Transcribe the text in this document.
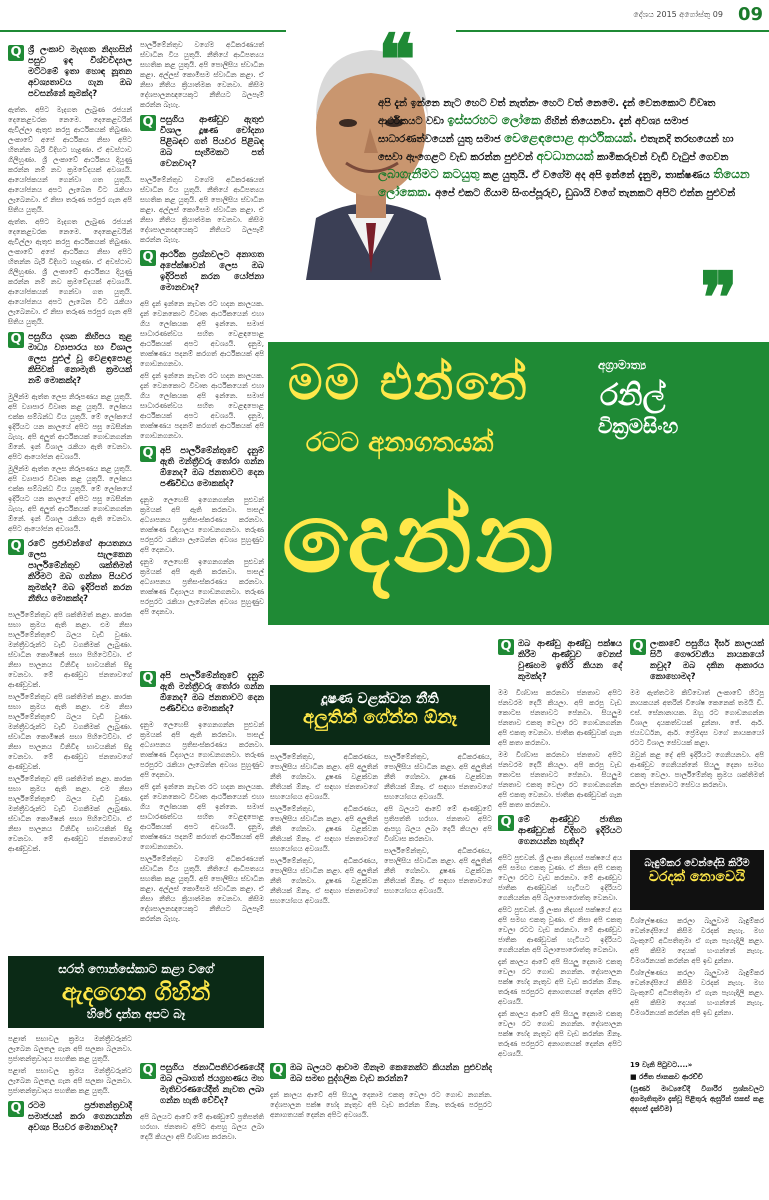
දේශය 2015 අගෝස්තු 09 09
Q ශ්‍රී ලංකාව මැදගත නිදහසින් පසුව ඉඳ විශ්වවිද්‍යාල මට්ටමේ ඉතා හොඳ නූතන අවශ්‍යතාවය ගැන ඔබ පවසන්නේ කුමක්ද?

ඇත්ත. අපිට මැදගත ලැබුණ රජයන් දෙකෙළවරක නෙමෙ. දෙකෙළවරින් ඇවිල්ලා ඇතුළු කරපු ආර්ථිකයක් තිබුණා. ලංකාවේ අපේ ආර්ථිකය නිසා අපිට හිතන්න බැරි විදිහට හැදුණා. ඒ අවස්ථාව ගිලිහුණා. ශ්‍රී ලංකාවේ ආර්ථිකය දියුණු කරන්න නම් නව ක්‍රමවේදයක් අවශ්‍යයි. ආයෝජකයන් ගෙන්වා ගත යුතුයි. ආයෝජනය අපට ලැබෙන විට රැකියා ලැබෙනවා. ඒ නිසා තරුණ පරපුර ගැන අපි සිතිය යුතුයි.

ඇත්ත. අපිට මැදගත ලැබුණ රජයන් දෙකෙළවරක නෙමෙ. දෙකෙළවරින් ඇවිල්ලා ඇතුළු කරපු ආර්ථිකයක් තිබුණා. ලංකාවේ අපේ ආර්ථිකය නිසා අපිට හිතන්න බැරි විදිහට හැදුණා. ඒ අවස්ථාව ගිලිහුණා. ශ්‍රී ලංකාවේ ආර්ථිකය දියුණු කරන්න නම් නව ක්‍රමවේදයක් අවශ්‍යයි. ආයෝජකයන් ගෙන්වා ගත යුතුයි. ආයෝජනය අපට ලැබෙන විට රැකියා ලැබෙනවා. ඒ නිසා තරුණ පරපුර ගැන අපි සිතිය යුතුයි.

Q පසුගිය දශක කිහිපය තුළ මාධ්‍ය ව්‍යාපාරය හා විශාල ලෙස පුළුල් වූ වෙළඳපොළ කිසිවක් නොමැති ක්‍රමයක් නම් මොකක්ද?

මුලින්ම ඇත්ත ලෙස නිරූපණය කළ යුතුයි. අපි ව්‍යාපාර විවෘත කළ යුතුයි. ලෝකය එක්ක සම්බන්ධ විය යුතුයි. මේ ලෝකයේ ඉදිරියට යන කාලයේ අපිට පසු බෙසින්න බැහැ. අපි අලුත් ආර්ථිකයක් ගොඩනගන්න ඕනේ. ඉන් විශාල රැකියා ඇති වෙනවා. අපිට ආයෝජන අවශ්‍යයි.

මුලින්ම ඇත්ත ලෙස නිරූපණය කළ යුතුයි. අපි ව්‍යාපාර විවෘත කළ යුතුයි. ලෝකය එක්ක සම්බන්ධ විය යුතුයි. මේ ලෝකයේ ඉදිරියට යන කාලයේ අපිට පසු බෙසින්න බැහැ. අපි අලුත් ආර්ථිකයක් ගොඩනගන්න ඕනේ. ඉන් විශාල රැකියා ඇති වෙනවා. අපිට ආයෝජන අවශ්‍යයි.

Q රටේ ප්‍රජාවන්ගේ ආයතනය ලෙස සැලකෙන පාර්ලිමේන්තුව ශක්තිමත් කිරීමට ඔබ ගන්නා පියවර කුමක්ද? ඔබ ඉදිරිපත් කරන නීතිය මොකක්ද?

පාර්ලිමේන්තුව අපි ශක්තිමත් කළා. කාරක සභා ක්‍රමය ඇති කළා. එම නිසා පාර්ලිමේන්තුවේ බලය වැඩි වුණා. මන්ත්‍රීවරුන්ට වැඩි වගකීමක් ලැබුණා. ස්වාධීන කොමිෂන් සභා පිහිටෙව්වා. ඒ නිසා පාලනය විනිවිද භාවයකින් සිදු වෙනවා. මේ ආණ්ඩුව ජනතාවගේ ආණ්ඩුවක්.

පාර්ලිමේන්තුව අපි ශක්තිමත් කළා. කාරක සභා ක්‍රමය ඇති කළා. එම නිසා පාර්ලිමේන්තුවේ බලය වැඩි වුණා. මන්ත්‍රීවරුන්ට වැඩි වගකීමක් ලැබුණා. ස්වාධීන කොමිෂන් සභා පිහිටෙව්වා. ඒ නිසා පාලනය විනිවිද භාවයකින් සිදු වෙනවා. මේ ආණ්ඩුව ජනතාවගේ ආණ්ඩුවක්.

පාර්ලිමේන්තුව අපි ශක්තිමත් කළා. කාරක සභා ක්‍රමය ඇති කළා. එම නිසා පාර්ලිමේන්තුවේ බලය වැඩි වුණා. මන්ත්‍රීවරුන්ට වැඩි වගකීමක් ලැබුණා. ස්වාධීන කොමිෂන් සභා පිහිටෙව්වා. ඒ නිසා පාලනය විනිවිද භාවයකින් සිදු වෙනවා. මේ ආණ්ඩුව ජනතාවගේ ආණ්ඩුවක්.

පාර්ලිමේන්තුව වගේම අධිකරණයත් ස්වාධීන විය යුතුයි. නීතියේ ආධිපත්‍යය සහතික කළ යුතුයි. අපි පොලිසිය ස්වාධීන කළා. අල්ලස් කොමිසම ස්වාධීන කළා. ඒ නිසා නීතිය ක්‍රියාත්මක වෙනවා. කිසිම දේශපාලනඥයෙකුට නීතියට බලපෑම් කරන්න බැහැ.

Q පසුගිය ආණ්ඩුව ඇතුළු විශාල දූෂණ චෝදනා පිළිබඳව ගත් පියවර පිළිබඳ ඔබ සෑහීමකට පත් වෙනවාද?

පාර්ලිමේන්තුව වගේම අධිකරණයත් ස්වාධීන විය යුතුයි. නීතියේ ආධිපත්‍යය සහතික කළ යුතුයි. අපි පොලිසිය ස්වාධීන කළා. අල්ලස් කොමිසම ස්වාධීන කළා. ඒ නිසා නීතිය ක්‍රියාත්මක වෙනවා. කිසිම දේශපාලනඥයෙකුට නීතියට බලපෑම් කරන්න බැහැ.

Q ආර්ථික ප්‍රශ්නවලට අනාගත අපේක්ෂාවන් ලෙස ඔබ ඉදිරිපත් කරන යෝජනා මොනවාද?

අපි දැන් ඉන්නෙ නැවත රට හදන කාලයක. දැන් වෙනකොට විවෘත ආර්ථිකයෙන් එහා ගිය ලෝකයක අපි ඉන්නෙ. සමාජ සාධාරණත්වය සහිත වෙළඳපොළ ආර්ථිකයක් අපට අවශ්‍යයි. දැනුම, තාක්ෂණය පදනම් කරගත් ආර්ථිකයක් අපි ගොඩනගනවා.

අපි දැන් ඉන්නෙ නැවත රට හදන කාලයක. දැන් වෙනකොට විවෘත ආර්ථිකයෙන් එහා ගිය ලෝකයක අපි ඉන්නෙ. සමාජ සාධාරණත්වය සහිත වෙළඳපොළ ආර්ථිකයක් අපට අවශ්‍යයි. දැනුම, තාක්ෂණය පදනම් කරගත් ආර්ථිකයක් අපි ගොඩනගනවා.

Q අපි පාර්ලිමේන්තුවේ දැනුම් ඇති මන්ත්‍රීවරු තෝරා ගන්න ඕනෙද? ඔබ ජනතාවට දෙන පණිවිඩය මොකක්ද?

දැනුම ලෙහෙසි ඉගෙනගන්න පුළුවන් ක්‍රමයක් අපි ඇති කරනවා. පාසල් අධ්‍යාපනය ප්‍රතිසංස්කරණය කරනවා. තාක්ෂණ විද්‍යාලය ගොඩනගනවා. තරුණ පරපුරට රැකියා ලැබෙන්න අවශ්‍ය පුහුණුව අපි දෙනවා.

දැනුම ලෙහෙසි ඉගෙනගන්න පුළුවන් ක්‍රමයක් අපි ඇති කරනවා. පාසල් අධ්‍යාපනය ප්‍රතිසංස්කරණය කරනවා. තාක්ෂණ විද්‍යාලය ගොඩනගනවා. තරුණ පරපුරට රැකියා ලැබෙන්න අවශ්‍ය පුහුණුව අපි දෙනවා.

❝
අපි දැන් ඉන්නෙ නැට හෙට වත් නැත්නං හෙට වත් නෙමෙ. දැන් වෙනකොට විවෘත ආර්ථිකයට වඩා ඉස්සරහට ලෝකෙ ගිහින් තියෙනවා. දැන් අවශ්‍ය සමාජ සාධාරණත්වයෙන් යුතු සමාජ වෙළෙඳපොළ ආර්ථිකයක්. එතැනදි තරඟයෙන් හා සෙවා ඇංගෙළට වැඩ කරන්න පුළුවන් අවධානයක් කාමිකරුවන් වැඩි වැටුප් ගෙවන ලබාගැනීමට කටයුතු කළ යුතුයි. ඒ වගේම අද අපි ඉන්නේ දැනුම, තාක්ෂණය තියෙන ලෝකෙක. අපේ එකට ගියාම සිංගප්පූරුව, ඩුබායි වගේ තැනකට අපිට එන්න පුළුවන්
❞
මම එන්නේ
රටට අනාගතයක්
දෙන්න
අග්‍රාමාත්‍ය
රනිල්
වික්‍රමසිංහ
සරත් ෆොන්සේකාට කළා වගේ
ඇදගෙන ගිහින්
හිරේ දාන්න අපට බෑ

පළාත් සභාවල ක්‍රමය මන්ත්‍රීවරුන්ට ලැබෙන බලතල ගැන අපි සලකා බලනවා. ප්‍රජාතන්ත්‍රවාදය සහතික කළ යුතුයි.

පළාත් සභාවල ක්‍රමය මන්ත්‍රීවරුන්ට ලැබෙන බලතල ගැන අපි සලකා බලනවා. ප්‍රජාතන්ත්‍රවාදය සහතික කළ යුතුයි.

Q රටම ප්‍රජාතන්ත්‍රවාදී සමාජයක් කරා ගෙනයන්න අවශ්‍ය පියවර මොනවාද?
Q අපි පාර්ලිමේන්තුවේ දැනුම් ඇති මන්ත්‍රීවරු තෝරා ගන්න ඕනෙද? ඔබ ජනතාවට දෙන පණිවිඩය මොකක්ද?

දැනුම ලෙහෙසි ඉගෙනගන්න පුළුවන් ක්‍රමයක් අපි ඇති කරනවා. පාසල් අධ්‍යාපනය ප්‍රතිසංස්කරණය කරනවා. තාක්ෂණ විද්‍යාලය ගොඩනගනවා. තරුණ පරපුරට රැකියා ලැබෙන්න අවශ්‍ය පුහුණුව අපි දෙනවා.

අපි දැන් ඉන්නෙ නැවත රට හදන කාලයක. දැන් වෙනකොට විවෘත ආර්ථිකයෙන් එහා ගිය ලෝකයක අපි ඉන්නෙ. සමාජ සාධාරණත්වය සහිත වෙළඳපොළ ආර්ථිකයක් අපට අවශ්‍යයි. දැනුම, තාක්ෂණය පදනම් කරගත් ආර්ථිකයක් අපි ගොඩනගනවා.

පාර්ලිමේන්තුව වගේම අධිකරණයත් ස්වාධීන විය යුතුයි. නීතියේ ආධිපත්‍යය සහතික කළ යුතුයි. අපි පොලිසිය ස්වාධීන කළා. අල්ලස් කොමිසම ස්වාධීන කළා. ඒ නිසා නීතිය ක්‍රියාත්මක වෙනවා. කිසිම දේශපාලනඥයෙකුට නීතියට බලපෑම් කරන්න බැහැ.

දූෂණ වළක්වන නීති
අලුතින් ගේන්න ඕනෑ

පාර්ලිමේන්තුව, අධිකරණය, පොලිසිය ස්වාධීන කළා. අපි අලුතින් නීති ගේනවා. දූෂණ වළක්වන නීතියක් ඕනෑ. ඒ සඳහා ජනතාවගේ සහයෝගය අවශ්‍යයි.

පාර්ලිමේන්තුව, අධිකරණය, පොලිසිය ස්වාධීන කළා. අපි අලුතින් නීති ගේනවා. දූෂණ වළක්වන නීතියක් ඕනෑ. ඒ සඳහා ජනතාවගේ සහයෝගය අවශ්‍යයි.

පාර්ලිමේන්තුව, අධිකරණය, පොලිසිය ස්වාධීන කළා. අපි අලුතින් නීති ගේනවා. දූෂණ වළක්වන නීතියක් ඕනෑ. ඒ සඳහා ජනතාවගේ සහයෝගය අවශ්‍යයි.

පාර්ලිමේන්තුව, අධිකරණය, පොලිසිය ස්වාධීන කළා. අපි අලුතින් නීති ගේනවා. දූෂණ වළක්වන නීතියක් ඕනෑ. ඒ සඳහා ජනතාවගේ සහයෝගය අවශ්‍යයි.

අපි බලයට ආවේ මේ ආණ්ඩුවේ ප්‍රතිපත්ති හරහා. ජනතාව අපිට ආපහු බලය ලබා දෙයි කියලා අපි විශ්වාස කරනවා.

පාර්ලිමේන්තුව, අධිකරණය, පොලිසිය ස්වාධීන කළා. අපි අලුතින් නීති ගේනවා. දූෂණ වළක්වන නීතියක් ඕනෑ. ඒ සඳහා ජනතාවගේ සහයෝගය අවශ්‍යයි.

Q පසුගිය ජනාධිපතිවරණයේදී ඔබ ලබාගත් ජයග්‍රහණය මහ මැතිවරණයේදීත් නැවත ලබා ගන්න හැකි වේවිද?

අපි බලයට ආවේ මේ ආණ්ඩුවේ ප්‍රතිපත්ති හරහා. ජනතාව අපිට ආපහු බලය ලබා දෙයි කියලා අපි විශ්වාස කරනවා.

Q ඔබ බලයට ආවාම ඕනෑම කෙනෙක්ට කියන්න පුළුවන්ද ඔබ සමඟ පුද්ගලික වැඩ කරන්න?

දැන් කාලය ආවේ අපි සියලු දෙනාම එකතු වෙලා රට ගොඩ නගන්න. දේශපාලන පක්ෂ භේද නැතුව අපි වැඩ කරන්න ඕනෑ. තරුණ පරපුරට අනාගතයක් දෙන්න අපිට අවශ්‍යයි.

Q ඔබ ආණ්ඩු ආණ්ඩු පක්ෂය කිරීම ආණ්ඩුව වෙනස් වුණහම ඉතිරි කියන දේ කුමක්ද?

මම විශ්වාස කරනවා ජනතාව අපිට ජනවරම දෙයි කියලා. අපි කරපු වැඩ කොටස ජනතාවට පේනවා. සියලුම ජනතාව එකතු වෙලා රට ගොඩනගන්න අපි එකතු වෙනවා. ජාතික ආණ්ඩුවක් ගැන අපි කතා කරනවා.

මම විශ්වාස කරනවා ජනතාව අපිට ජනවරම දෙයි කියලා. අපි කරපු වැඩ කොටස ජනතාවට පේනවා. සියලුම ජනතාව එකතු වෙලා රට ගොඩනගන්න අපි එකතු වෙනවා. ජාතික ආණ්ඩුවක් ගැන අපි කතා කරනවා.

Q මේ ආණ්ඩුව ජාතික ආණ්ඩුවක් විදිහට ඉදිරියට ගෙනයන්න හැකිද?

අපිට පුළුවන්. ශ්‍රී ලංකා නිදහස් පක්ෂයේ අය අපි සමඟ එකතු වුණා. ඒ නිසා අපි එකතු වෙලා රටට වැඩ කරනවා. මේ ආණ්ඩුව ජාතික ආණ්ඩුවක් හැටියට ඉදිරියට ගෙනියන්න අපි බලාපොරොත්තු වෙනවා.

අපිට පුළුවන්. ශ්‍රී ලංකා නිදහස් පක්ෂයේ අය අපි සමඟ එකතු වුණා. ඒ නිසා අපි එකතු වෙලා රටට වැඩ කරනවා. මේ ආණ්ඩුව ජාතික ආණ්ඩුවක් හැටියට ඉදිරියට ගෙනියන්න අපි බලාපොරොත්තු වෙනවා.

දැන් කාලය ආවේ අපි සියලු දෙනාම එකතු වෙලා රට ගොඩ නගන්න. දේශපාලන පක්ෂ භේද නැතුව අපි වැඩ කරන්න ඕනෑ. තරුණ පරපුරට අනාගතයක් දෙන්න අපිට අවශ්‍යයි.

දැන් කාලය ආවේ අපි සියලු දෙනාම එකතු වෙලා රට ගොඩ නගන්න. දේශපාලන පක්ෂ භේද නැතුව අපි වැඩ කරන්න ඕනෑ. තරුණ පරපුරට අනාගතයක් දෙන්න අපිට අවශ්‍යයි.

Q ලංකාවේ පසුගිය දීර්ඝ කාලයක් සිටි ගෞරවනීය නායකයෝ කවුද? ඔබ දකින ආකාරය කොහොමද?

මම ඇත්තටම කිව්වොත් ලංකාවේ හිටපු නායකයන් අතරින් විශේෂ කෙනෙක් තමයි ඩී. එස්. සේනානායක. ඔහු රට ගොඩනගන්න විශාල දායකත්වයක් දුන්නා. ජේ. ආර්. ජයවර්ධන, ආර්. ප්‍රේමදාස වගේ නායකයෝ රටට විශාල සේවයක් කළා.

ඔවුන් කළ දේ අපි ඉදිරියට ගෙනියනවා. අපි ආණ්ඩුව ගෙනියන්නේ සියලු දෙනා සමඟ එකතු වෙලා. පාර්ලිමේන්තු ක්‍රමය ශක්තිමත් කරලා ජනතාවට සේවය කරනවා.

බැඳුම්කර වෙන්දේසි කිරීම
වරදක් නොවෙයි

විශ්ලේෂණය කරලා බැලුවාම බැඳුම්කර වෙන්දේසියේ කිසිම වරදක් නැහැ. මහ බැංකුවේ අධිපතිතුමා ඒ ගැන පැහැදිලි කළා. අපි කිසිම දෙයක් හංගන්නේ නැහැ. විමර්ශනයක් කරන්න අපි ඉඩ දුන්නා.

විශ්ලේෂණය කරලා බැලුවාම බැඳුම්කර වෙන්දේසියේ කිසිම වරදක් නැහැ. මහ බැංකුවේ අධිපතිතුමා ඒ ගැන පැහැදිලි කළා. අපි කිසිම දෙයක් හංගන්නේ නැහැ. විමර්ශනයක් කරන්න අපි ඉඩ දුන්නා.

19 වැනි පිටුවට....»

■ රජිත ජානකව ආරච්චි

(පූර්ණ මාධ්‍යවේදී විගාරීර ප්‍රශ්නවලට අගමැතිතුමා දැක්වූ පිළිතුරු ඇසුරින් සකස් කළ අදහස් දැක්වීම)
